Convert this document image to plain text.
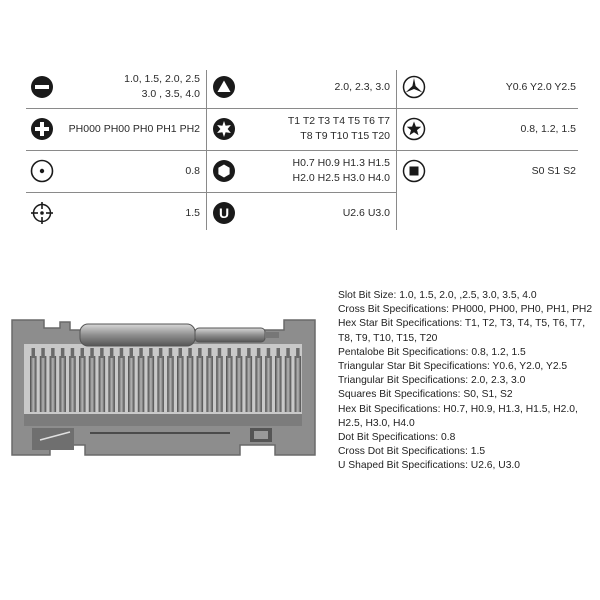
1.0, 1.5, 2.0, 2.5
3.0 , 3.5, 4.0
2.0, 2.3, 3.0	Y0.6 Y2.0 Y2.5
PH000 PH00 PH0 PH1 PH2
T1 T2 T3 T4 T5 T6 T7
T8 T9 T10 T15 T20
0.8, 1.2, 1.5
0.8
H0.7 H0.9 H1.3 H1.5
H2.0 H2.5 H3.0 H4.0
S0 S1 S2
1.5 U	U2.6 U3.0
Slot Bit Size: 1.0, 1.5, 2.0, ,2.5, 3.0, 3.5, 4.0
Cross Bit Specifications: PH000, PH00, PH0, PH1, PH2
Hex Star Bit Specifications: T1, T2, T3, T4, T5, T6, T7,
T8, T9, T10, T15, T20
Pentalobe Bit Specifications: 0.8, 1.2, 1.5
Triangular Star Bit Specifications: Y0.6, Y2.0, Y2.5
Triangular Bit Specifications: 2.0, 2.3, 3.0
Squares Bit Specifications: S0, S1, S2
Hex Bit Specifications: H0.7, H0.9, H1.3, H1.5, H2.0,
H2.5, H3.0, H4.0
Dot Bit Specifications: 0.8
Cross Dot Bit Specifications: 1.5
U Shaped Bit Specifications: U2.6, U3.0
